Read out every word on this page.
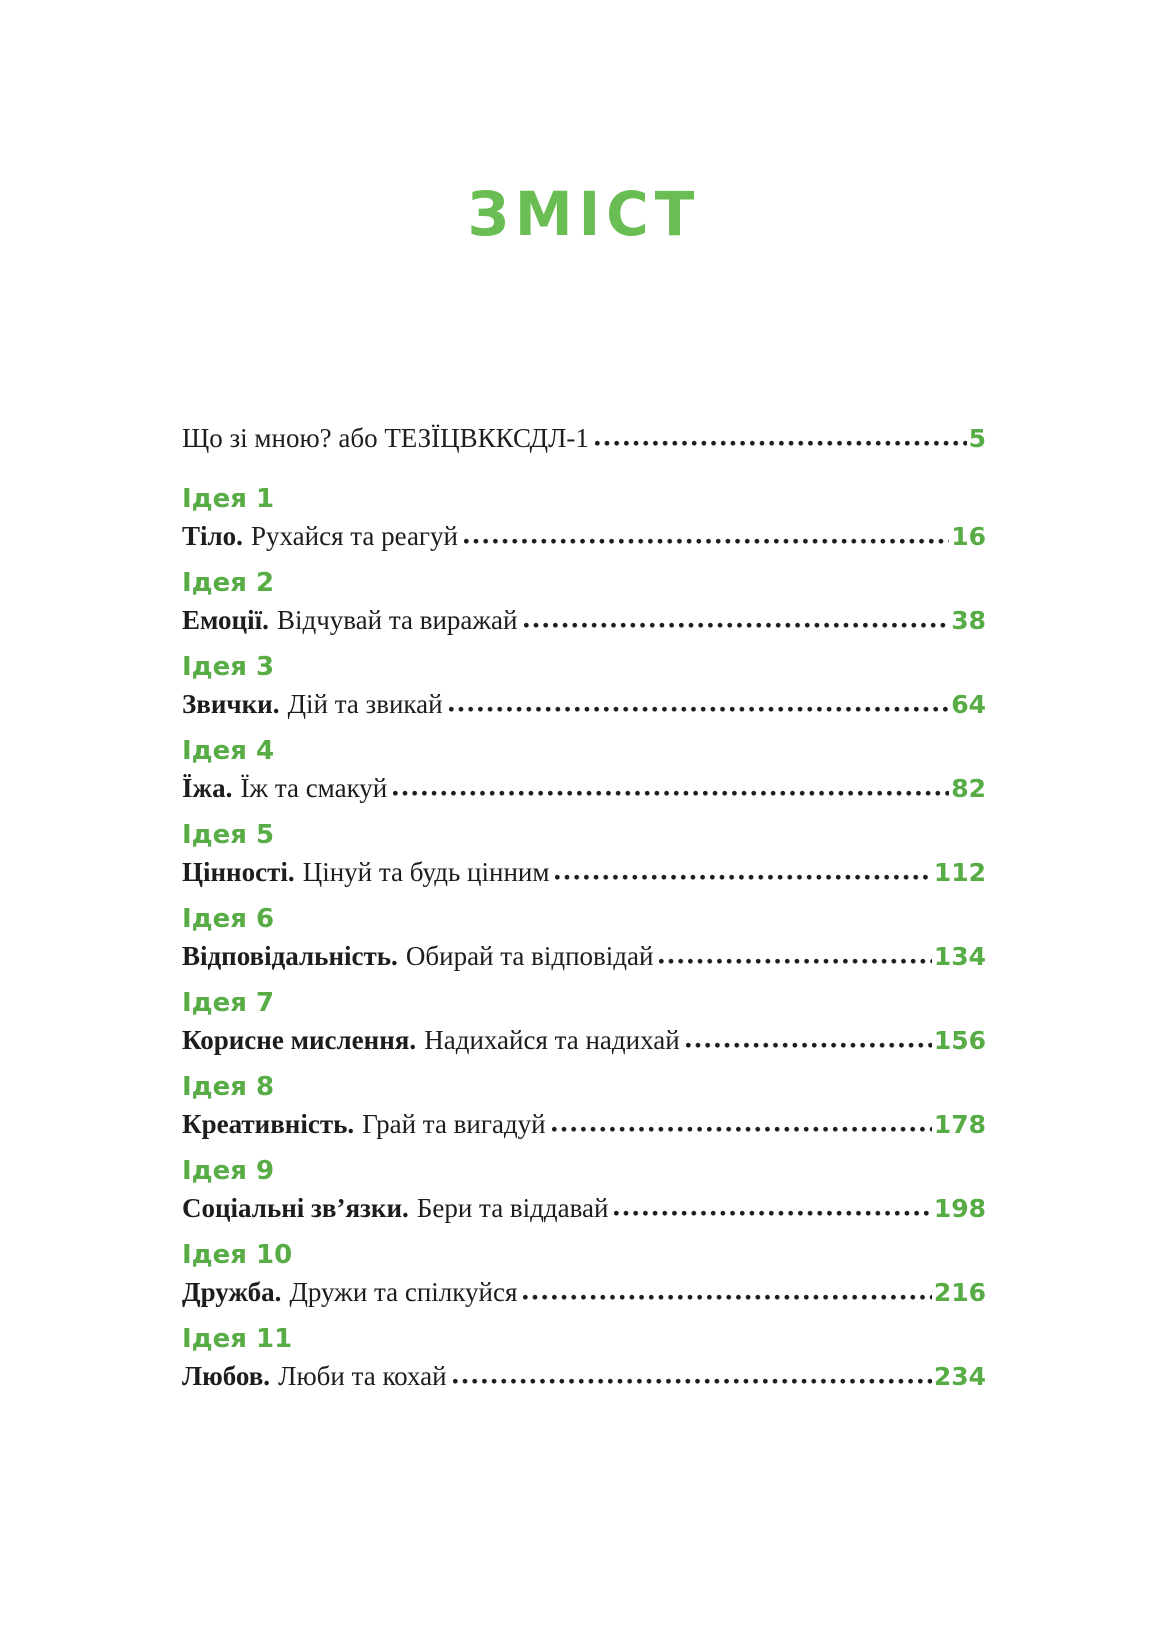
ЗМІСТ
Що зі мною? або ТЕЗЇЦВККСДЛ-1	5
Ідея 1
Тіло. Рухайся та реагуй	16
Ідея 2
Емоції. Відчувай та виражай	38
Ідея 3
Звички. Дій та звикай	64
Ідея 4
Їжа. Їж та смакуй	82
Ідея 5
Цінності. Цінуй та будь цінним	112
Ідея 6
Відповідальність. Обирай та відповідай	134
Ідея 7
Корисне мислення. Надихайся та надихай	156
Ідея 8
Креативність. Грай та вигадуй	178
Ідея 9
Соціальні зв’язки. Бери та віддавай	198
Ідея 10
Дружба. Дружи та спілкуйся	216
Ідея 11
Любов. Люби та кохай	234
